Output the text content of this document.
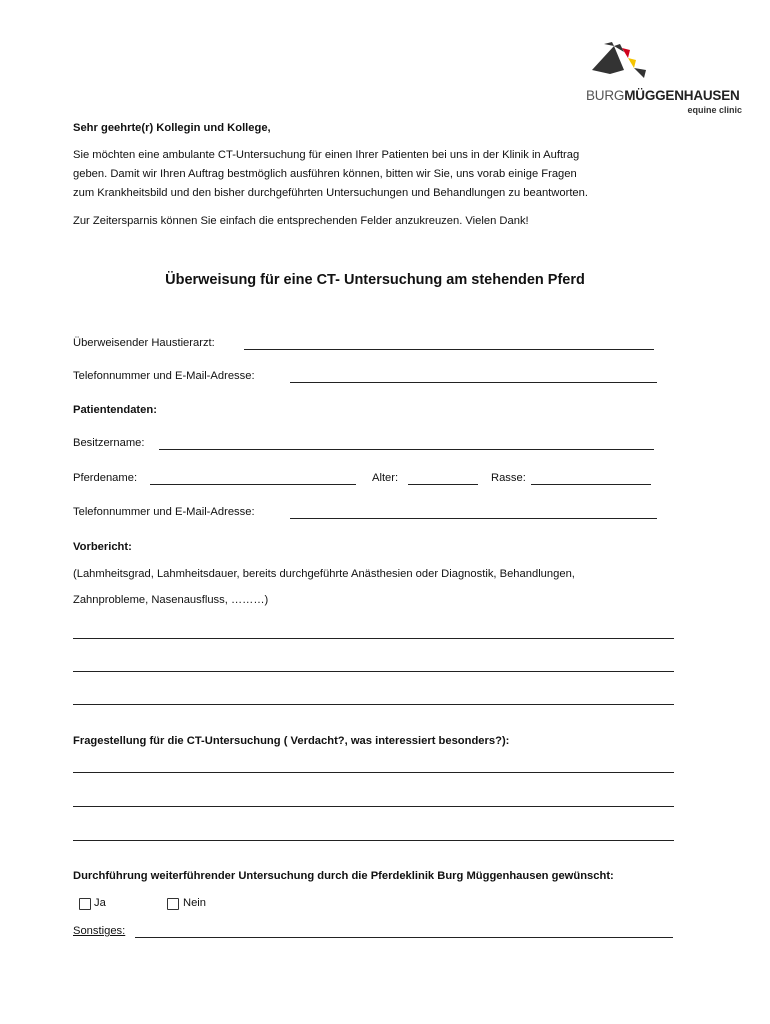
BURGMÜGGENHAUSEN
equine clinic
Sehr geehrte(r) Kollegin und Kollege,
Sie möchten eine ambulante CT-Untersuchung für einen Ihrer Patienten bei uns in der Klinik in Auftrag
geben. Damit wir Ihren Auftrag bestmöglich ausführen können, bitten wir Sie, uns vorab einige Fragen
zum Krankheitsbild und den bisher durchgeführten Untersuchungen und Behandlungen zu beantworten.
Zur Zeitersparnis können Sie einfach die entsprechenden Felder anzukreuzen. Vielen Dank!
Überweisung für eine CT- Untersuchung am stehenden Pferd
Überweisender Haustierarzt:
Telefonnummer und E-Mail-Adresse:
Patientendaten:
Besitzername:
Pferdename:	Alter:	Rasse:
Telefonnummer und E-Mail-Adresse:
Vorbericht:
(Lahmheitsgrad, Lahmheitsdauer, bereits durchgeführte Anästhesien oder Diagnostik, Behandlungen,
Zahnprobleme, Nasenausfluss, ………)
Fragestellung für die CT-Untersuchung ( Verdacht?, was interessiert besonders?):
Durchführung weiterführender Untersuchung durch die Pferdeklinik Burg Müggenhausen gewünscht:
Ja	Nein
Sonstiges:
